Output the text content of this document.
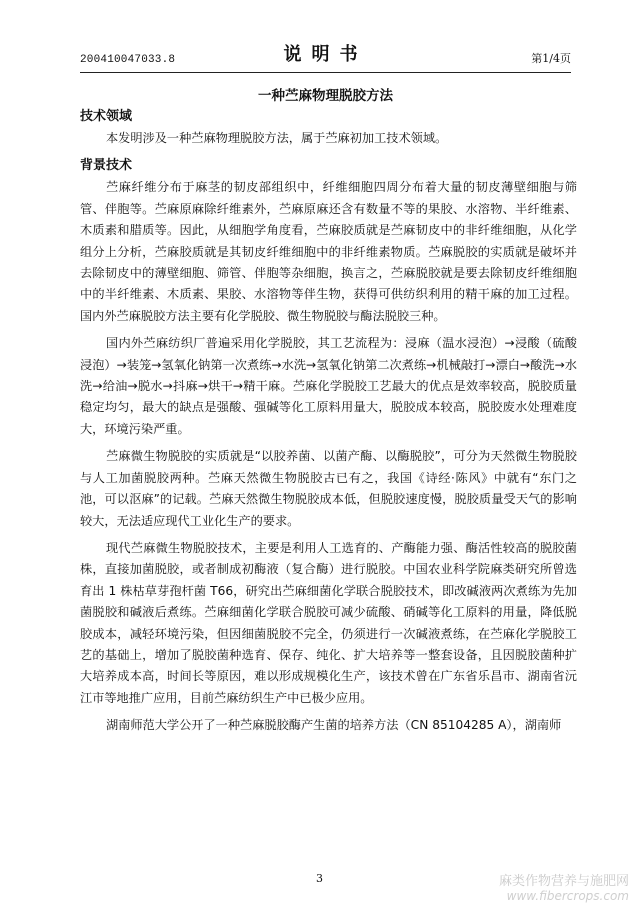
200410047033.8	说明书	第1/4页
一种苎麻物理脱胶方法

技术领域

本发明涉及一种苎麻物理脱胶方法，属于苎麻初加工技术领域。

背景技术

苎麻纤维分布于麻茎的韧皮部组织中，纤维细胞四周分布着大量的韧皮薄壁细胞与筛管、伴胞等。苎麻原麻除纤维素外，苎麻原麻还含有数量不等的果胶、水溶物、半纤维素、木质素和腊质等。因此，从细胞学角度看，苎麻胶质就是苎麻韧皮中的非纤维细胞，从化学组分上分析，苎麻胶质就是其韧皮纤维细胞中的非纤维素物质。苎麻脱胶的实质就是破坏并去除韧皮中的薄壁细胞、筛管、伴胞等杂细胞，换言之，苎麻脱胶就是要去除韧皮纤维细胞中的半纤维素、木质素、果胶、水溶物等伴生物，获得可供纺织利用的精干麻的加工过程。国内外苎麻脱胶方法主要有化学脱胶、微生物脱胶与酶法脱胶三种。

国内外苎麻纺织厂普遍采用化学脱胶，其工艺流程为：浸麻（温水浸泡）→浸酸（硫酸浸泡）→装笼→氢氧化钠第一次煮练→水洗→氢氧化钠第二次煮练→机械敲打→漂白→酸洗→水洗→给油→脱水→抖麻→烘干→精干麻。苎麻化学脱胶工艺最大的优点是效率较高，脱胶质量稳定均匀，最大的缺点是强酸、强碱等化工原料用量大，脱胶成本较高，脱胶废水处理难度大，环境污染严重。

苎麻微生物脱胶的实质就是“以胶养菌、以菌产酶、以酶脱胶”，可分为天然微生物脱胶与人工加菌脱胶两种。苎麻天然微生物脱胶古已有之，我国《诗经·陈风》中就有“东门之池，可以沤麻”的记载。苎麻天然微生物脱胶成本低，但脱胶速度慢，脱胶质量受天气的影响较大，无法适应现代工业化生产的要求。

现代苎麻微生物脱胶技术，主要是利用人工选育的、产酶能力强、酶活性较高的脱胶菌株，直接加菌脱胶，或者制成初酶液（复合酶）进行脱胶。中国农业科学院麻类研究所曾选育出 1 株枯草芽孢杆菌 T66，研究出苎麻细菌化学联合脱胶技术，即改碱液两次煮练为先加菌脱胶和碱液后煮练。苎麻细菌化学联合脱胶可减少硫酸、硝碱等化工原料的用量，降低脱胶成本，减轻环境污染，但因细菌脱胶不完全，仍须进行一次碱液煮练，在苎麻化学脱胶工艺的基础上，增加了脱胶菌种选育、保存、纯化、扩大培养等一整套设备，且因脱胶菌种扩大培养成本高，时间长等原因，难以形成规模化生产，该技术曾在广东省乐昌市、湖南省沅江市等地推广应用，目前苎麻纺织生产中已极少应用。

湖南师范大学公开了一种苎麻脱胶酶产生菌的培养方法（CN 85104285 A），湖南师

3	麻类作物营养与施肥网
www.fibercrops.com
